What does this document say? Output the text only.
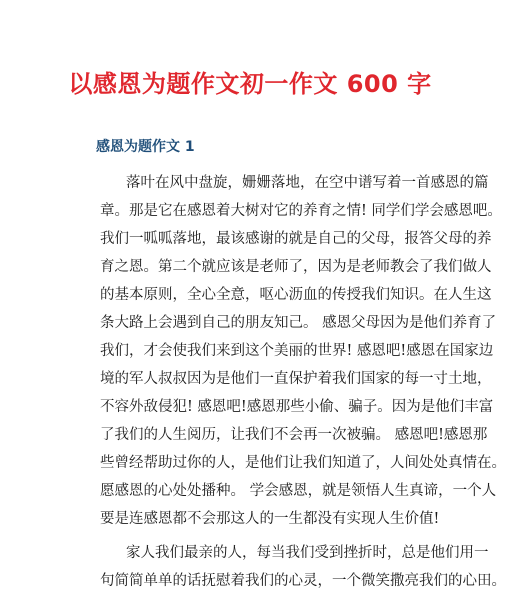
以感恩为题作文初一作文 600 字
感恩为题作文 1
落叶在风中盘旋，姗姗落地，在空中谱写着一首感恩的篇
章。那是它在感恩着大树对它的养育之情! 同学们学会感恩吧。
我们一呱呱落地，最该感谢的就是自己的父母，报答父母的养
育之恩。第二个就应该是老师了，因为是老师教会了我们做人
的基本原则，全心全意，呕心沥血的传授我们知识。在人生这
条大路上会遇到自己的朋友知己。 感恩父母因为是他们养育了
我们，才会使我们来到这个美丽的世界! 感恩吧!感恩在国家边
境的军人叔叔因为是他们一直保护着我们国家的每一寸土地，
不容外敌侵犯! 感恩吧!感恩那些小偷、骗子。因为是他们丰富
了我们的人生阅历，让我们不会再一次被骗。 感恩吧!感恩那
些曾经帮助过你的人，是他们让我们知道了，人间处处真情在。
愿感恩的心处处播种。 学会感恩，就是领悟人生真谛，一个人
要是连感恩都不会那这人的一生都没有实现人生价值!
家人我们最亲的人，每当我们受到挫折时，总是他们用一
句简简单单的话抚慰着我们的心灵，一个微笑撒亮我们的心田。
